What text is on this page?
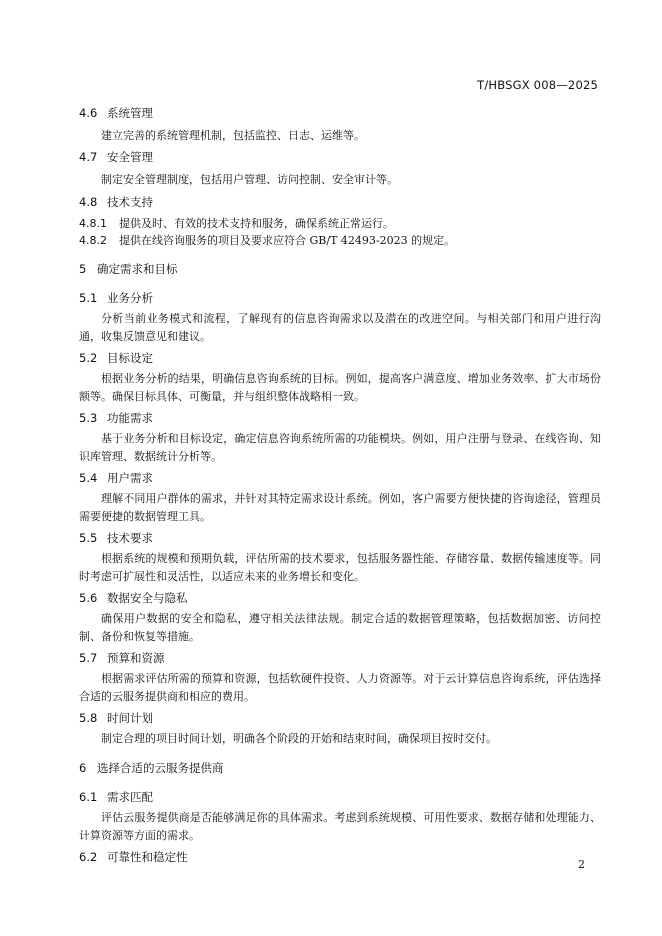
T/HBSGX 008—2025
4.6 系统管理

建立完善的系统管理机制，包括监控、日志、运维等。

4.7 安全管理

制定安全管理制度，包括用户管理、访问控制、安全审计等。

4.8 技术支持

4.8.1 提供及时、有效的技术支持和服务，确保系统正常运行。

4.8.2 提供在线咨询服务的项目及要求应符合 GB/T 42493-2023 的规定。

5 确定需求和目标
5.1 业务分析

分析当前业务模式和流程，了解现有的信息咨询需求以及潜在的改进空间。与相关部门和用户进行沟通，收集反馈意见和建议。

5.2 目标设定

根据业务分析的结果，明确信息咨询系统的目标。例如，提高客户满意度、增加业务效率、扩大市场份额等。确保目标具体、可衡量，并与组织整体战略相一致。

5.3 功能需求

基于业务分析和目标设定，确定信息咨询系统所需的功能模块。例如，用户注册与登录、在线咨询、知识库管理、数据统计分析等。

5.4 用户需求

理解不同用户群体的需求，并针对其特定需求设计系统。例如，客户需要方便快捷的咨询途径，管理员需要便捷的数据管理工具。

5.5 技术要求

根据系统的规模和预期负载，评估所需的技术要求，包括服务器性能、存储容量、数据传输速度等。同时考虑可扩展性和灵活性，以适应未来的业务增长和变化。

5.6 数据安全与隐私

确保用户数据的安全和隐私，遵守相关法律法规。制定合适的数据管理策略，包括数据加密、访问控制、备份和恢复等措施。

5.7 预算和资源

根据需求评估所需的预算和资源，包括软硬件投资、人力资源等。对于云计算信息咨询系统，评估选择合适的云服务提供商和相应的费用。

5.8 时间计划

制定合理的项目时间计划，明确各个阶段的开始和结束时间，确保项目按时交付。

6 选择合适的云服务提供商
6.1 需求匹配

评估云服务提供商是否能够满足你的具体需求。考虑到系统规模、可用性要求、数据存储和处理能力、计算资源等方面的需求。

6.2 可靠性和稳定性
2
